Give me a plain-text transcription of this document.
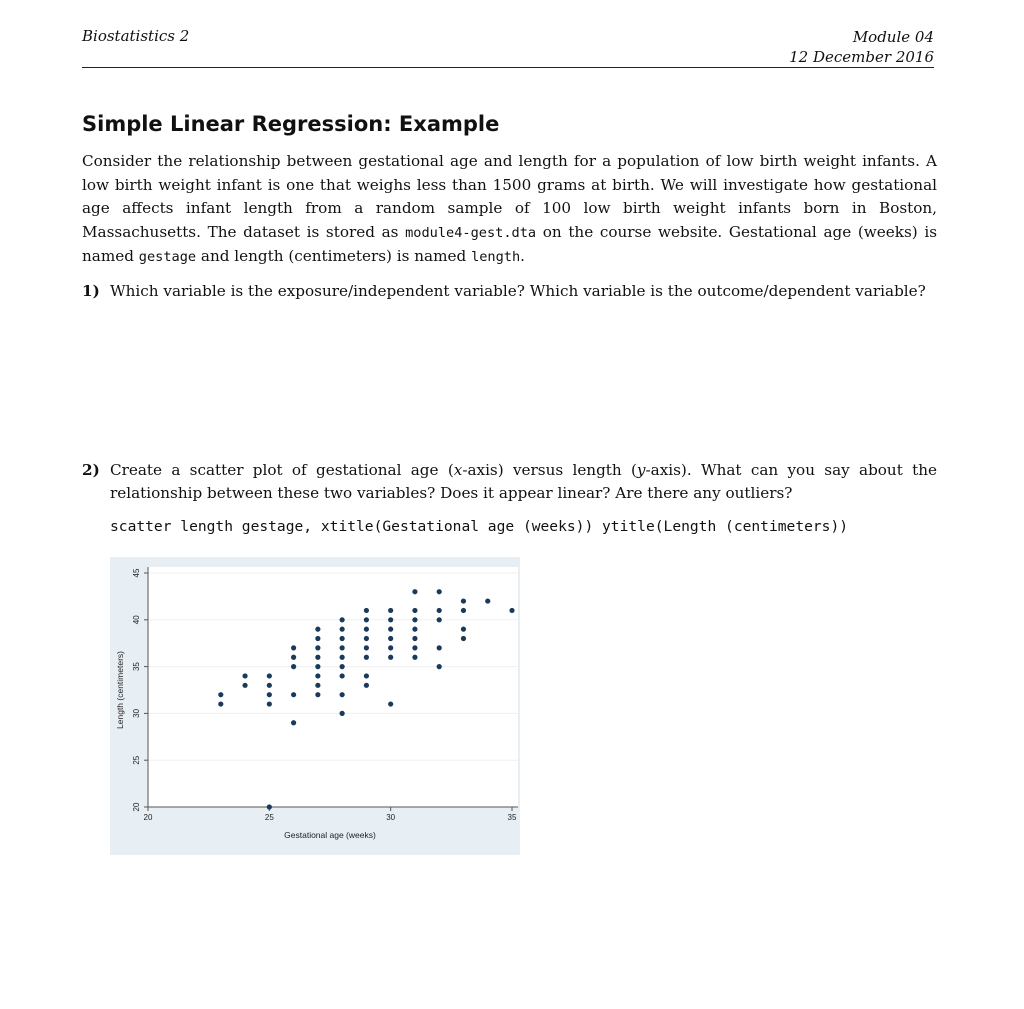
Biostatistics 2	Module 04
12 December 2016
Simple Linear Regression: Example

Consider the relationship between gestational age and length for a population of low birth weight infants. A low birth weight infant is one that weighs less than 1500 grams at birth. We will investigate how gestational age affects infant length from a random sample of 100 low birth weight infants born in Boston, Massachusetts. The dataset is stored as module4-gest.dta on the course website. Gestational age (weeks) is named gestage and length (centimeters) is named length.

1) Which variable is the exposure/independent variable? Which variable is the outcome/dependent variable?
2) Create a scatter plot of gestational age (x-axis) versus length (y-axis). What can you say about the relationship between these two variables? Does it appear linear? Are there any outliers?
scatter length gestage, xtitle(Gestational age (weeks)) ytitle(Length (centimeters))
20
25
30
35
40
45
20	25	30	35
Gestational age (weeks)
Length (centimeters)
